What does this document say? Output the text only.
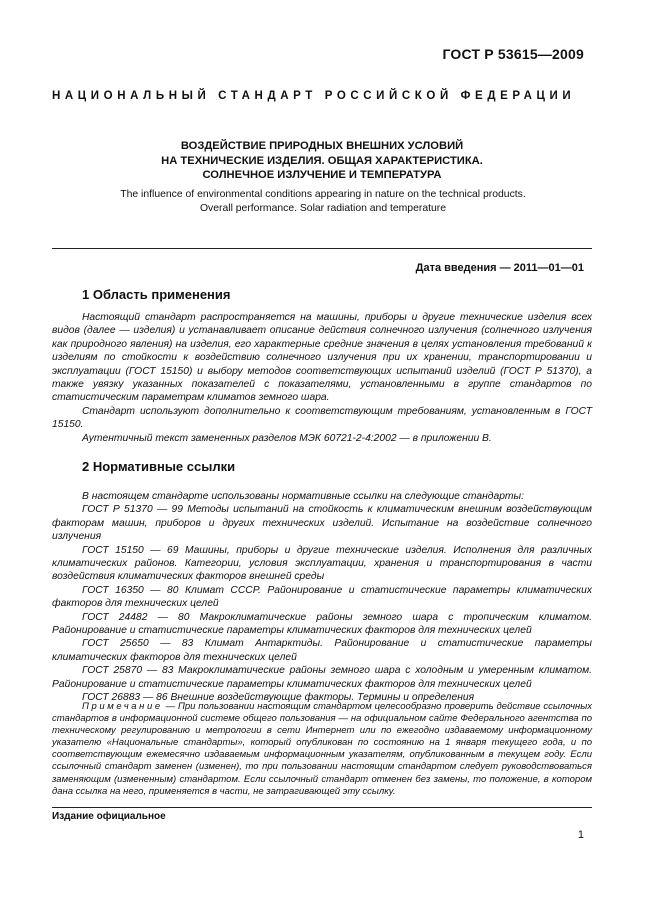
ГОСТ Р 53615—2009
НАЦИОНАЛЬНЫЙ СТАНДАРТ РОССИЙСКОЙ ФЕДЕРАЦИИ
ВОЗДЕЙСТВИЕ ПРИРОДНЫХ ВНЕШНИХ УСЛОВИЙ
НА ТЕХНИЧЕСКИЕ ИЗДЕЛИЯ. ОБЩАЯ ХАРАКТЕРИСТИКА.
СОЛНЕЧНОЕ ИЗЛУЧЕНИЕ И ТЕМПЕРАТУРА
The influence of environmental conditions appearing in nature on the technical products.
Overall performance. Solar radiation and temperature
Дата введения — 2011—01—01
1 Область применения

Настоящий стандарт распространяется на машины, приборы и другие технические изделия всех видов (далее — изделия) и устанавливает описание действия солнечного излучения (солнечного излучения как природного явления) на изделия, его характерные средние значения в целях установления требований к изделиям по стойкости к воздействию солнечного излучения при их хранении, транспортировании и эксплуатации (ГОСТ 15150) и выбору методов соответствующих испытаний изделий (ГОСТ Р 51370), а также увязку указанных показателей с показателями, установленными в группе стандартов по статистическим параметрам климатов земного шара.

Стандарт используют дополнительно к соответствующим требованиям, установленным в ГОСТ 15150.

Аутентичный текст замененных разделов МЭК 60721-2-4:2002 — в приложении В.

2 Нормативные ссылки

В настоящем стандарте использованы нормативные ссылки на следующие стандарты:

ГОСТ Р 51370 — 99 Методы испытаний на стойкость к климатическим внешним воздействующим факторам машин, приборов и других технических изделий. Испытание на воздействие солнечного излучения

ГОСТ 15150 — 69 Машины, приборы и другие технические изделия. Исполнения для различных климатических районов. Категории, условия эксплуатации, хранения и транспортирования в части воздействия климатических факторов внешней среды

ГОСТ 16350 — 80 Климат СССР. Районирование и статистические параметры климатических факторов для технических целей

ГОСТ 24482 — 80 Макроклиматические районы земного шара с тропическим климатом. Районирование и статистические параметры климатических факторов для технических целей

ГОСТ 25650 — 83 Климат Антарктиды. Районирование и статистические параметры климатических факторов для технических целей

ГОСТ 25870 — 83 Макроклиматические районы земного шара с холодным и умеренным климатом. Районирование и статистические параметры климатических факторов для технических целей

ГОСТ 26883 — 86 Внешние воздействующие факторы. Термины и определения

Примечание — При пользовании настоящим стандартом целесообразно проверить действие ссылочных стандартов в информационной системе общего пользования — на официальном сайте Федерального агентства по техническому регулированию и метрологии в сети Интернет или по ежегодно издаваемому информационному указателю «Национальные стандарты», который опубликован по состоянию на 1 января текущего года, и по соответствующим ежемесячно издаваемым информационным указателям, опубликованным в текущем году. Если ссылочный стандарт заменен (изменен), то при пользовании настоящим стандартом следует руководствоваться заменяющим (измененным) стандартом. Если ссылочный стандарт отменен без замены, то положение, в котором дана ссылка на него, применяется в части, не затрагивающей эту ссылку.
Издание официальное
1
